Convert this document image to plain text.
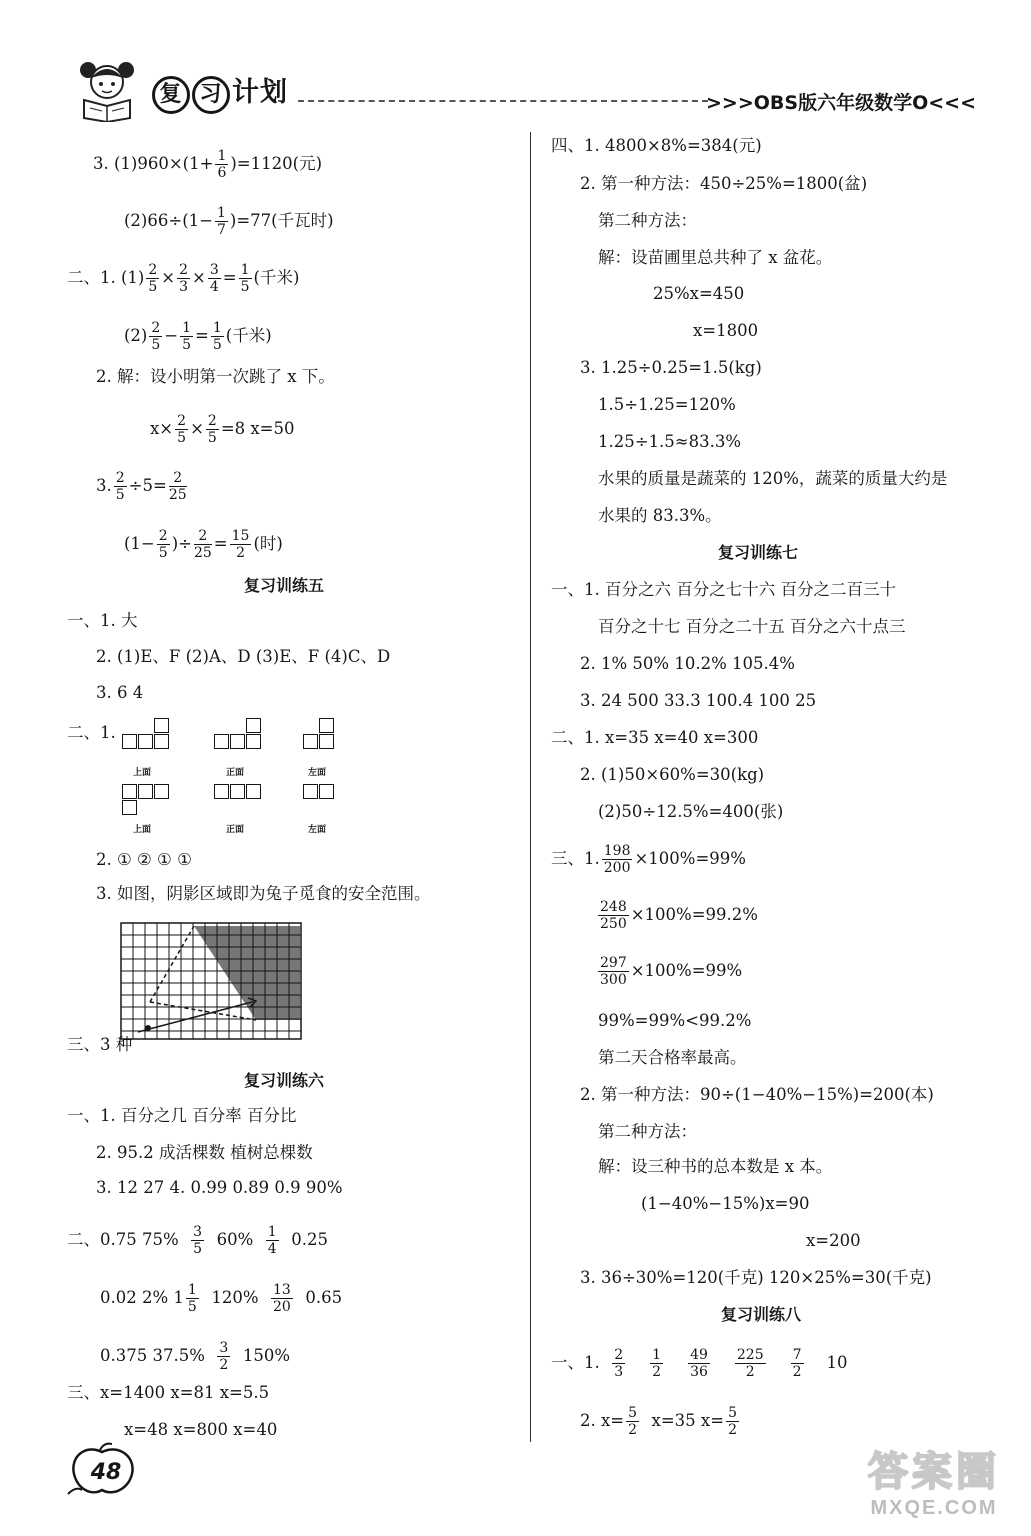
复 习 计划	>>>OBS版六年级数学O<<<
3. $(1)960\times(1+ \frac{1}{6} )=1120$(元)
$(2)66\div(1- \frac{1}{7} )=77$(千瓦时)
二、1. $(1) \frac{2}{5} \times \frac{2}{3} \times \frac{3}{4} = \frac{1}{5}$ (千米)
$(2) \frac{2}{5} - \frac{1}{5} = \frac{1}{5}$ (千米)
2. 解：设小明第一次跳了 x 下。
$x\times \frac{2}{5} \times \frac{2}{5} =8$ x=50
3. $\frac{2}{5} \div 5= \frac{2}{25}$
($1- \frac{2}{5}$ )÷ $\frac{2}{25} = \frac{15}{2}$ (时)
复习训练五
一、1. 大
2. (1)E、F (2)A、D (3)E、F (4)C、D
3. 6 4
二、1.
上面	正面	左面
上面	正面	左面
2. ① ② ① ①
3. 如图，阴影区域即为兔子觅食的安全范围。
三、3 种
复习训练六
一、1. 百分之几 百分率 百分比
2. 95.2 成活棵数 植树总棵数
3. 12 27 4. 0.99 0.89 0.9 90%
二、0.75 $75\% \frac{3}{5} 60\% \frac{1}{4} 0.25$
0.02 2% $1 \frac{1}{5} 120\% \frac{13}{20} 0.65$
0.375 $37.5\% \frac{3}{2} 150\%$
三、x=1400 x=81 x=5.5
x=48 x=800 x=40
48
四、1. 4800×8%=384(元)
2. 第一种方法：450÷25%=1800(盆)
第二种方法：
解：设苗圃里总共种了 x 盆花。
25%x=450
x=1800
3. 1.25÷0.25=1.5(kg)
1.5÷1.25=120%
1.25÷1.5≈83.3%
水果的质量是蔬菜的 120%，蔬菜的质量大约是
水果的 83.3%。
复习训练七
一、1. 百分之六 百分之七十六 百分之二百三十
百分之十七 百分之二十五 百分之六十点三
2. 1% 50% 10.2% 105.4%
3. 24 500 33.3 100.4 100 25
二、1. x=35 x=40 x=300
2. (1)50×60%=30(kg)
(2)50÷12.5%=400(张)
三、1. $\frac{198}{200} \times 100\%=99\%$
$\frac{248}{250} \times 100\%=99.2\%$
$\frac{297}{300} \times 100\%=99\%$
99%=99%<99.2%
第二天合格率最高。
2. 第一种方法：90÷(1−40%−15%)=200(本)
第二种方法：
解：设三种书的总本数是 x 本。
(1−40%−15%)x=90
x=200
3. 36÷30%=120(千克) 120×25%=30(千克)
复习训练八
一、1. $\frac{2}{3}$
$\frac{1}{2}$
$\frac{49}{36}$
$\frac{225}{2}$
$\frac{7}{2} 10$
2. $x= \frac{5}{2} x=35$ $x= \frac{5}{2}$
答案圈
MXQE.COM
